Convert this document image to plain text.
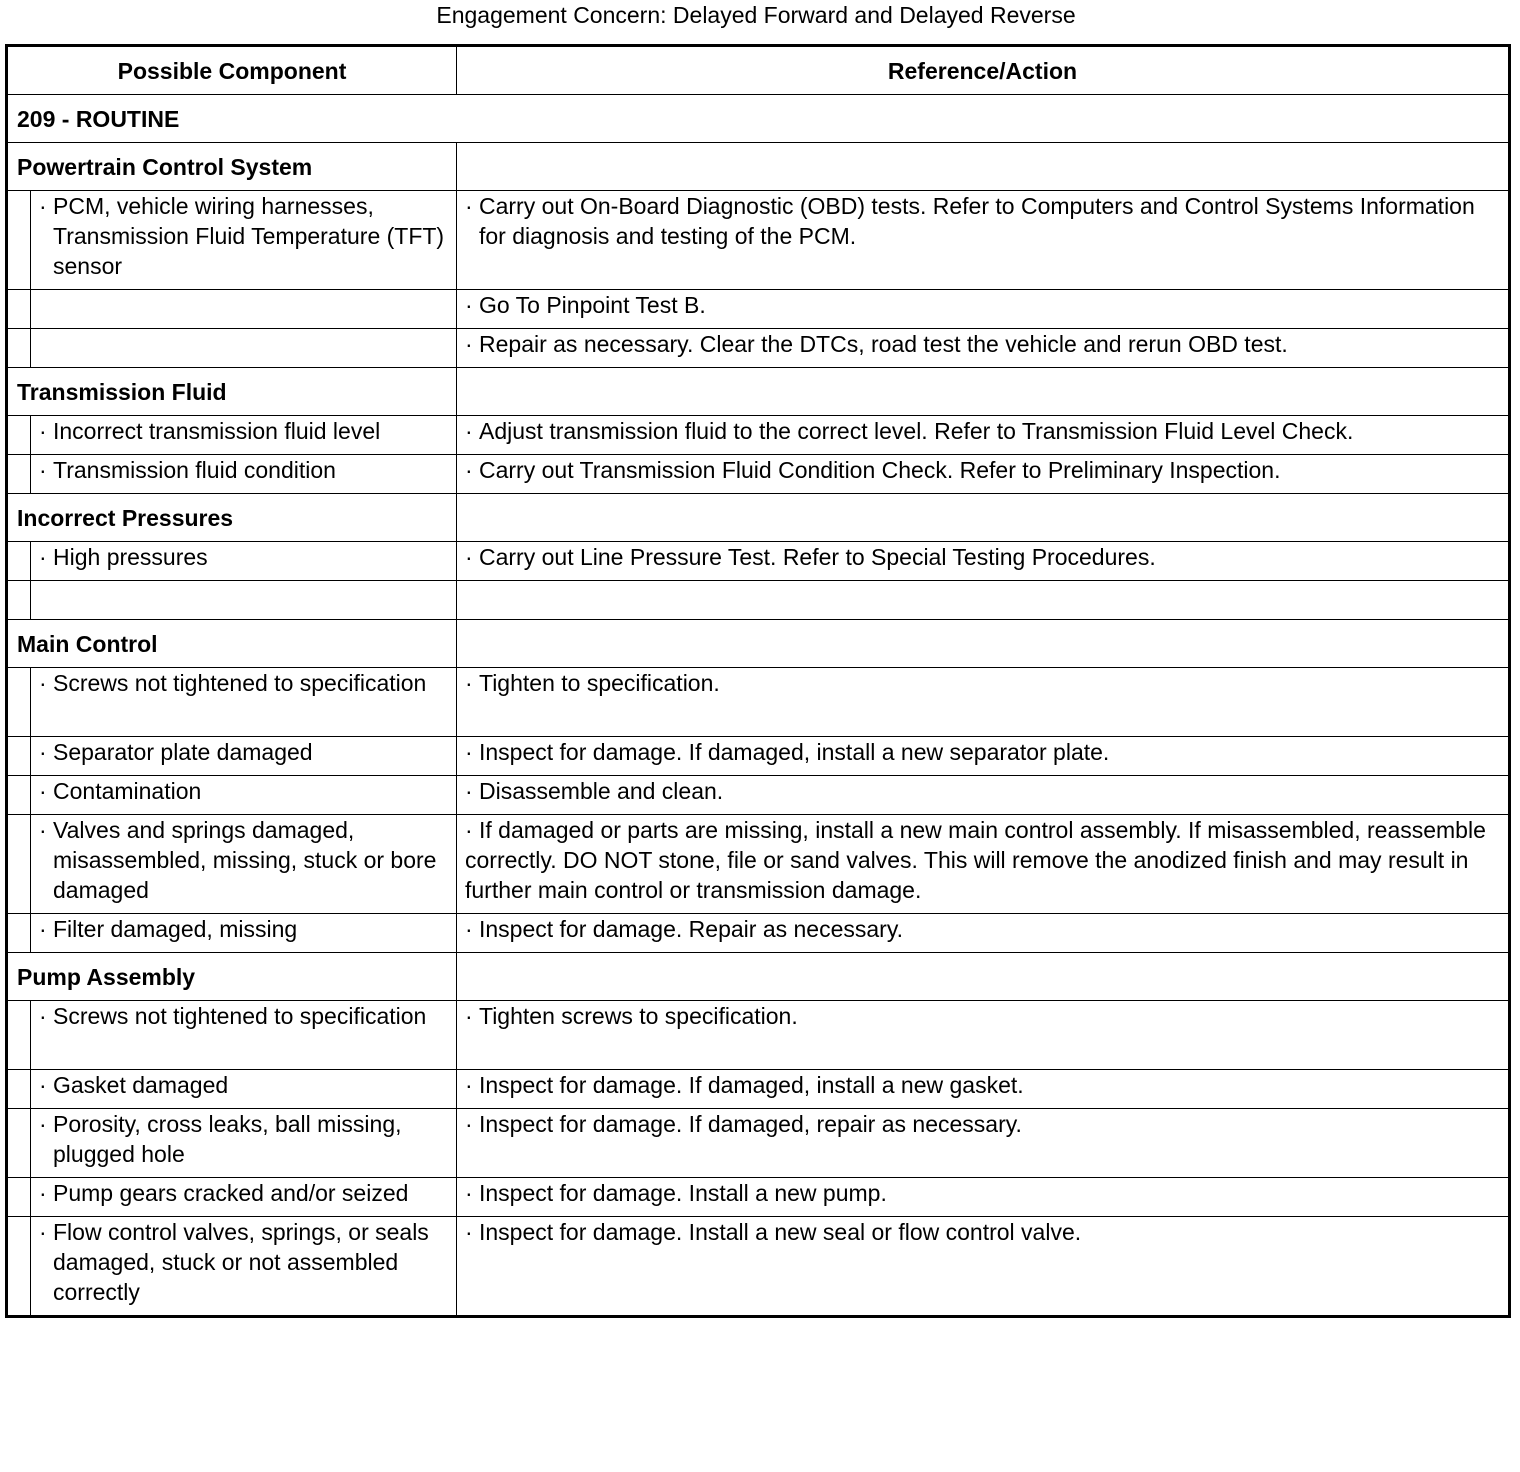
Engagement Concern: Delayed Forward and Delayed Reverse
Possible Component		Reference/Action
209 - ROUTINE		
Powertrain Control System		

	· PCM, vehicle wiring harnesses, Transmission Fluid Temperature (TFT) sensor	· Carry out On-Board Diagnostic (OBD) tests. Refer to Computers and Control Systems Information for diagnosis and testing of the PCM.

		· Go To Pinpoint Test B.

		· Repair as necessary. Clear the DTCs, road test the vehicle and rerun OBD test.

Transmission Fluid		

	· Incorrect transmission fluid level	· Adjust transmission fluid to the correct level. Refer to Transmission Fluid Level Check.

	· Transmission fluid condition	· Carry out Transmission Fluid Condition Check. Refer to Preliminary Inspection.

Incorrect Pressures		

	· High pressures	· Carry out Line Pressure Test. Refer to Special Testing Procedures.

Main Control		

	· Screws not tightened to specification	· Tighten to specification.

	· Separator plate damaged	· Inspect for damage. If damaged, install a new separator plate.

	· Contamination	· Disassemble and clean.

	· Valves and springs damaged, misassembled, missing, stuck or bore damaged	· If damaged or parts are missing, install a new main control assembly. If misassembled, reassemble correctly. DO NOT stone, file or sand valves. This will remove the anodized finish and may result in further main control or transmission damage.

	· Filter damaged, missing	· Inspect for damage. Repair as necessary.

Pump Assembly		

	· Screws not tightened to specification	· Tighten screws to specification.

	· Gasket damaged	· Inspect for damage. If damaged, install a new gasket.

	· Porosity, cross leaks, ball missing, plugged hole	· Inspect for damage. If damaged, repair as necessary.

	· Pump gears cracked and/or seized	· Inspect for damage. Install a new pump.

	· Flow control valves, springs, or seals damaged, stuck or not assembled correctly	· Inspect for damage. Install a new seal or flow control valve.
